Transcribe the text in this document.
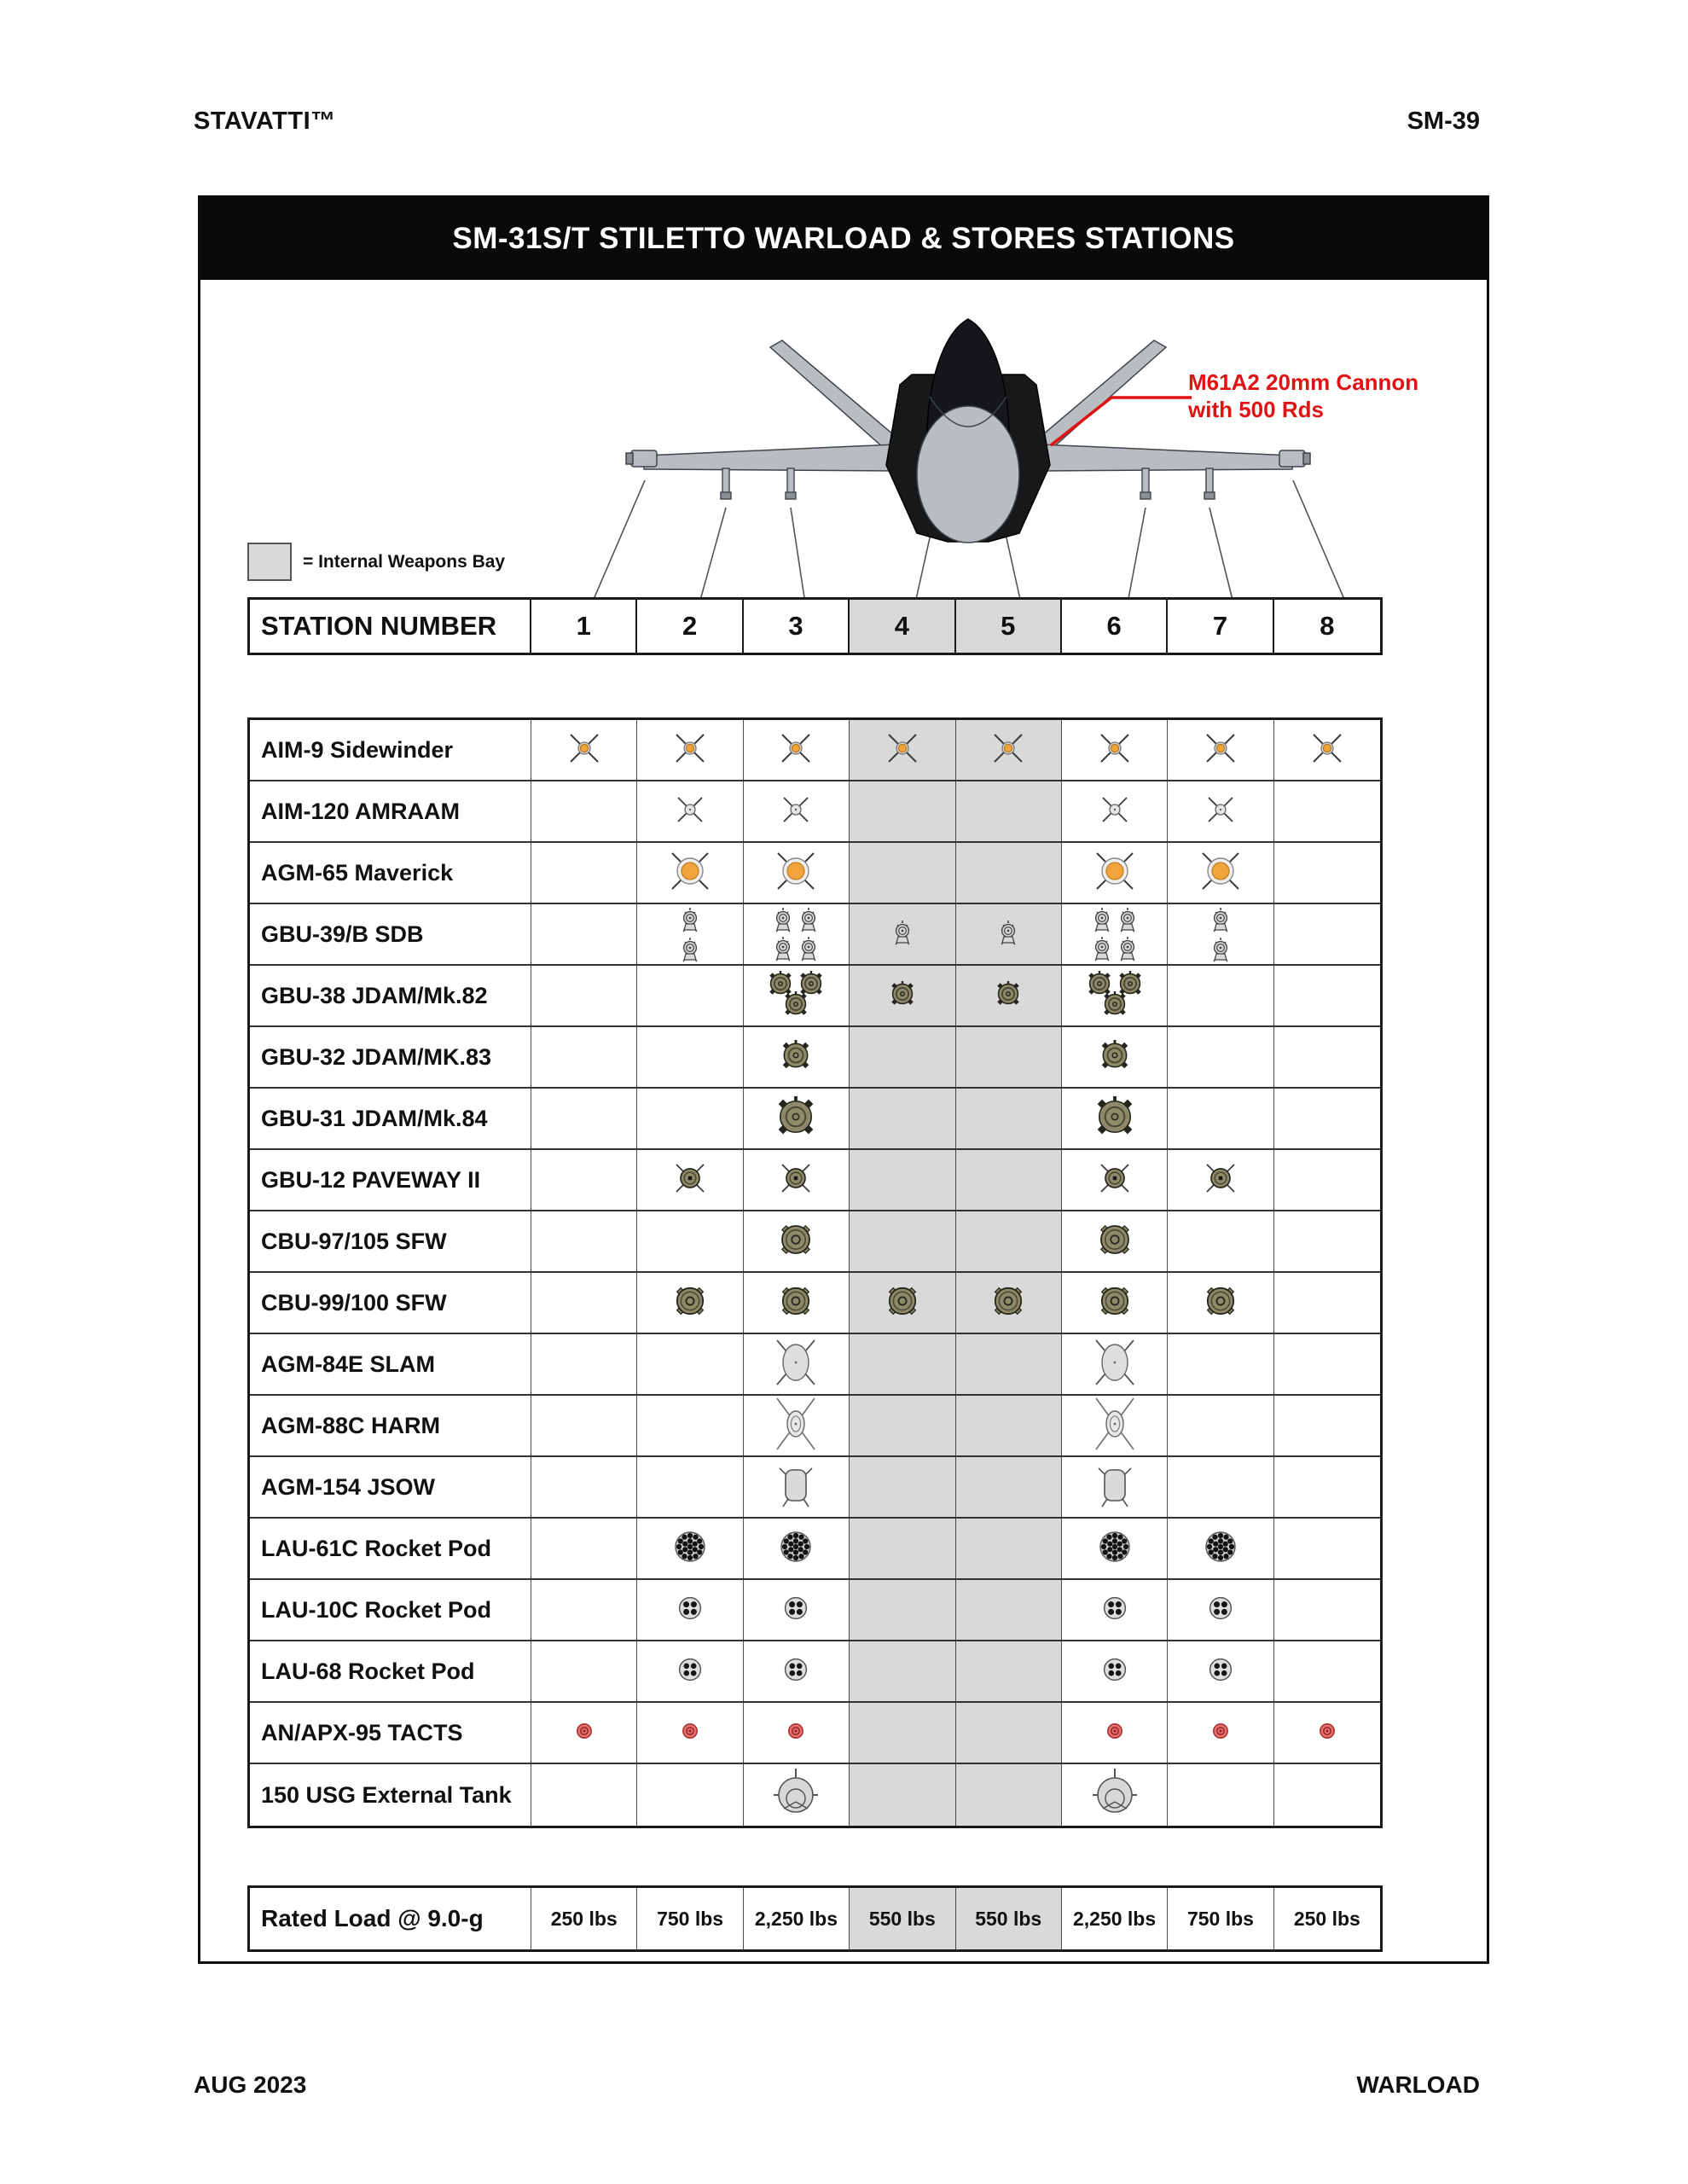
STAVATTI™	SM-39
SM-31S/T STILETTO WARLOAD & STORES STATIONS
M61A2 20mm Cannon
with 500 Rds
= Internal Weapons Bay
STATION NUMBER	1	2	3	4	5	6	7	8
AIM-9 Sidewinder
AIM-120 AMRAAM
AGM-65 Maverick
GBU-39/B SDB
GBU-38 JDAM/Mk.82
GBU-32 JDAM/MK.83
GBU-31 JDAM/Mk.84
GBU-12 PAVEWAY II
CBU-97/105 SFW
CBU-99/100 SFW
AGM-84E SLAM
AGM-88C HARM
AGM-154 JSOW
LAU-61C Rocket Pod
LAU-10C Rocket Pod
LAU-68 Rocket Pod
AN/APX-95 TACTS
150 USG External Tank
Rated Load @ 9.0-g	250 lbs 750 lbs 2,250 lbs 550 lbs 550 lbs 2,250 lbs 750 lbs 250 lbs
AUG 2023	WARLOAD
